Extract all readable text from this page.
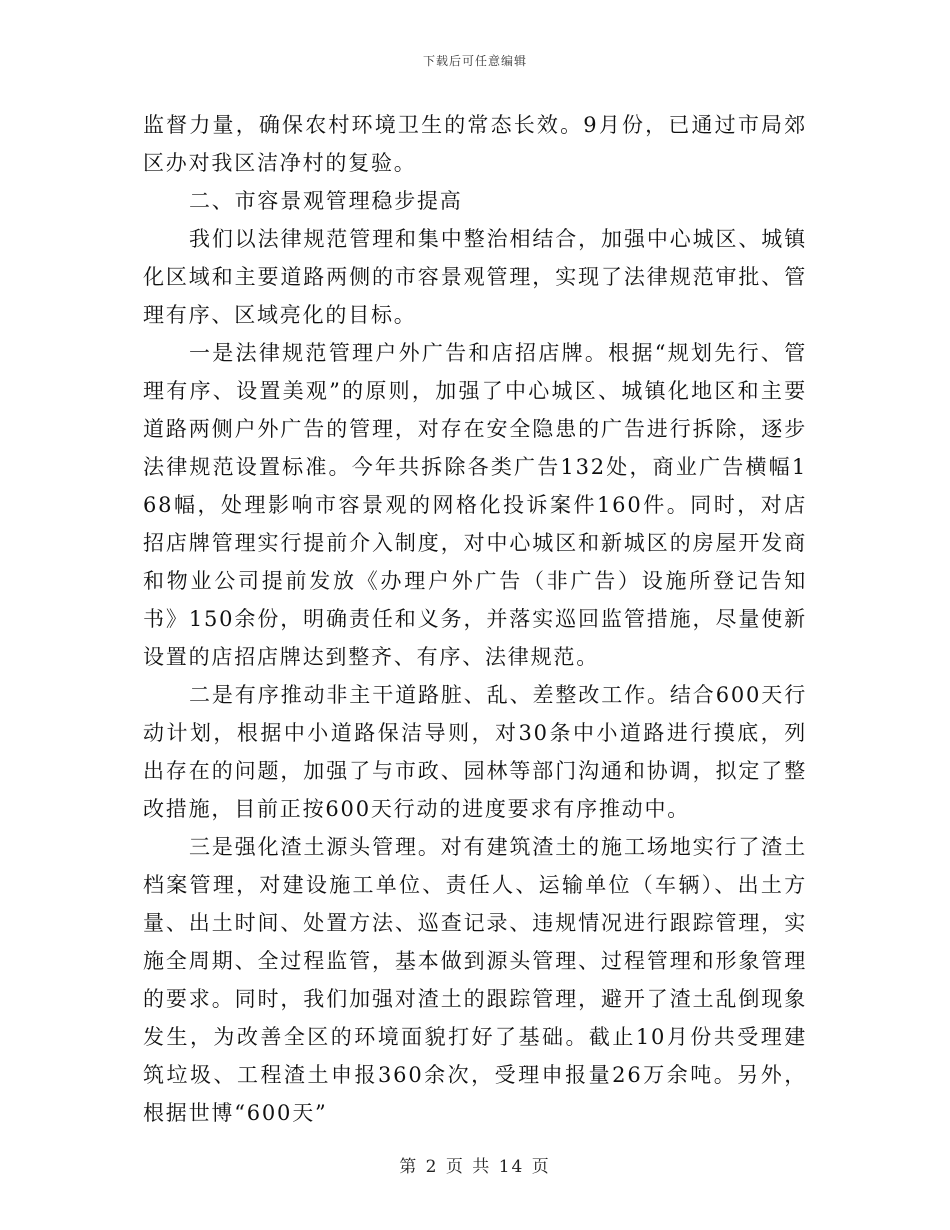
下载后可任意编辑

监督力量，确保农村环境卫生的常态长效。9月份，已通过市局郊区办对我区洁净村的复验。

二、市容景观管理稳步提高

我们以法律规范管理和集中整治相结合，加强中心城区、城镇化区域和主要道路两侧的市容景观管理，实现了法律规范审批、管理有序、区域亮化的目标。

一是法律规范管理户外广告和店招店牌。根据“规划先行、管理有序、设置美观”的原则，加强了中心城区、城镇化地区和主要道路两侧户外广告的管理，对存在安全隐患的广告进行拆除，逐步法律规范设置标准。今年共拆除各类广告132处，商业广告横幅168幅，处理影响市容景观的网格化投诉案件160件。同时，对店招店牌管理实行提前介入制度，对中心城区和新城区的房屋开发商和物业公司提前发放《办理户外广告（非广告）设施所登记告知书》150余份，明确责任和义务，并落实巡回监管措施，尽量使新设置的店招店牌达到整齐、有序、法律规范。

二是有序推动非主干道路脏、乱、差整改工作。结合600天行动计划，根据中小道路保洁导则，对30条中小道路进行摸底，列出存在的问题，加强了与市政、园林等部门沟通和协调，拟定了整改措施，目前正按600天行动的进度要求有序推动中。

三是强化渣土源头管理。对有建筑渣土的施工场地实行了渣土档案管理，对建设施工单位、责任人、运输单位（车辆）、出土方量、出土时间、处置方法、巡查记录、违规情况进行跟踪管理，实施全周期、全过程监管，基本做到源头管理、过程管理和形象管理的要求。同时，我们加强对渣土的跟踪管理，避开了渣土乱倒现象发生，为改善全区的环境面貌打好了基础。截止10月份共受理建筑垃圾、工程渣土申报360余次，受理申报量26万余吨。另外，根据世博“600天”

第 2 页 共 14 页
